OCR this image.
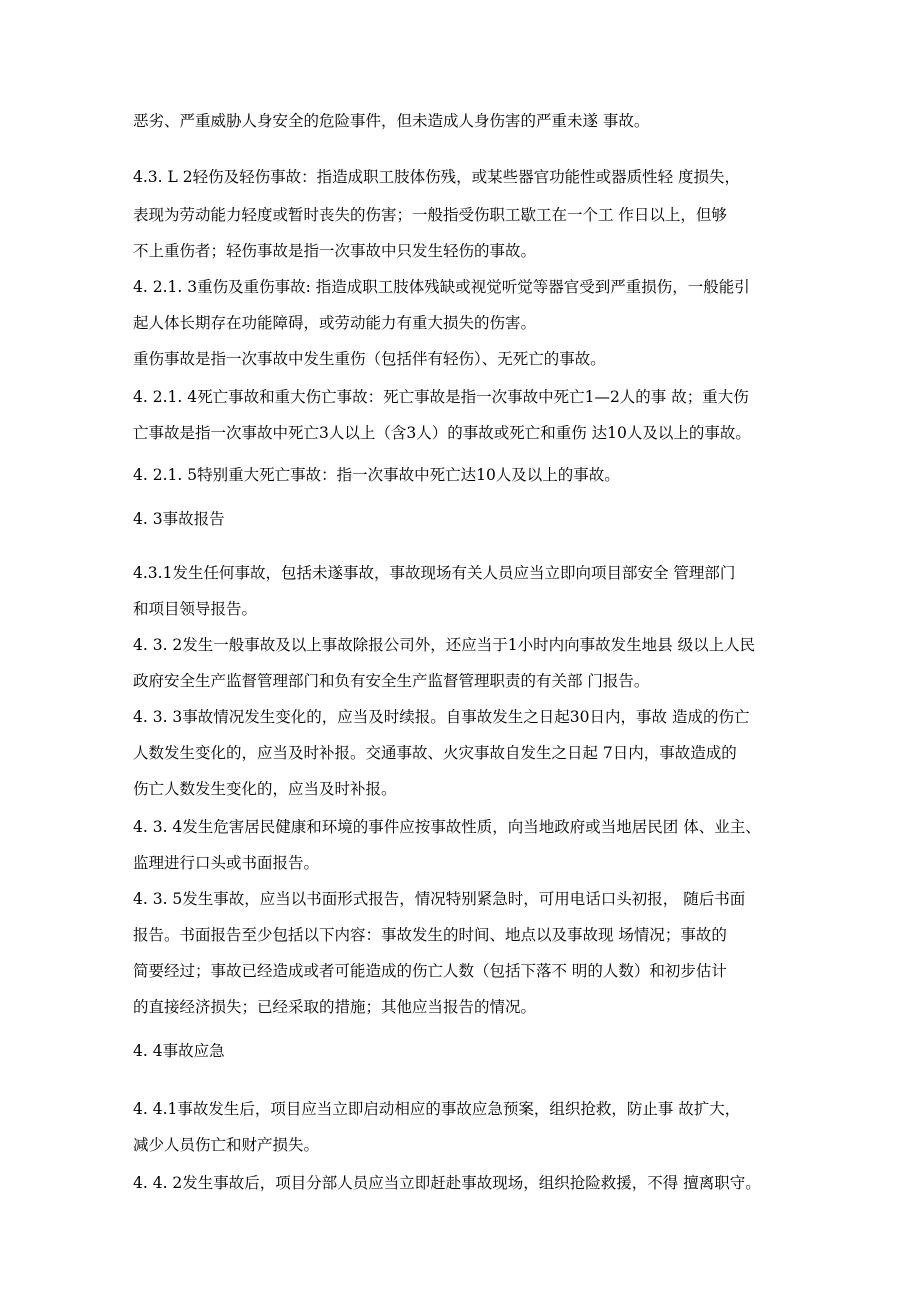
恶劣、严重威胁人身安全的危险事件，但未造成人身伤害的严重未遂 事故。
4.3. L 2轻伤及轻伤事故：指造成职工肢体伤残，或某些器官功能性或器质性轻 度损失，
表现为劳动能力轻度或暂时丧失的伤害；一般指受伤职工歇工在一个工 作日以上，但够
不上重伤者；轻伤事故是指一次事故中只发生轻伤的事故。
4. 2.1. 3重伤及重伤事故: 指造成职工肢体残缺或视觉听觉等器官受到严重损伤，一般能引
起人体长期存在功能障碍，或劳动能力有重大损失的伤害。
重伤事故是指一次事故中发生重伤（包括伴有轻伤）、无死亡的事故。
4. 2.1. 4死亡事故和重大伤亡事故：死亡事故是指一次事故中死亡1—2人的事 故；重大伤
亡事故是指一次事故中死亡3人以上（含3人）的事故或死亡和重伤 达10人及以上的事故。
4. 2.1. 5特别重大死亡事故：指一次事故中死亡达10人及以上的事故。
4. 3事故报告
4.3.1发生任何事故，包括未遂事故，事故现场有关人员应当立即向项目部安全 管理部门
和项目领导报告。
4. 3. 2发生一般事故及以上事故除报公司外，还应当于1小时内向事故发生地县 级以上人民
政府安全生产监督管理部门和负有安全生产监督管理职责的有关部 门报告。
4. 3. 3事故情况发生变化的，应当及时续报。自事故发生之日起30日内，事故 造成的伤亡
人数发生变化的，应当及时补报。交通事故、火灾事故自发生之日起 7日内，事故造成的
伤亡人数发生变化的，应当及时补报。
4. 3. 4发生危害居民健康和环境的事件应按事故性质，向当地政府或当地居民团 体、业主、
监理进行口头或书面报告。
4. 3. 5发生事故，应当以书面形式报告，情况特别紧急时，可用电话口头初报， 随后书面
报告。书面报告至少包括以下内容：事故发生的时间、地点以及事故现 场情况；事故的
简要经过；事故已经造成或者可能造成的伤亡人数（包括下落不 明的人数）和初步估计
的直接经济损失；已经采取的措施；其他应当报告的情况。
4. 4事故应急
4. 4.1事故发生后，项目应当立即启动相应的事故应急预案，组织抢救，防止事 故扩大，
减少人员伤亡和财产损失。
4. 4. 2发生事故后，项目分部人员应当立即赶赴事故现场，组织抢险救援，不得 擅离职守。
